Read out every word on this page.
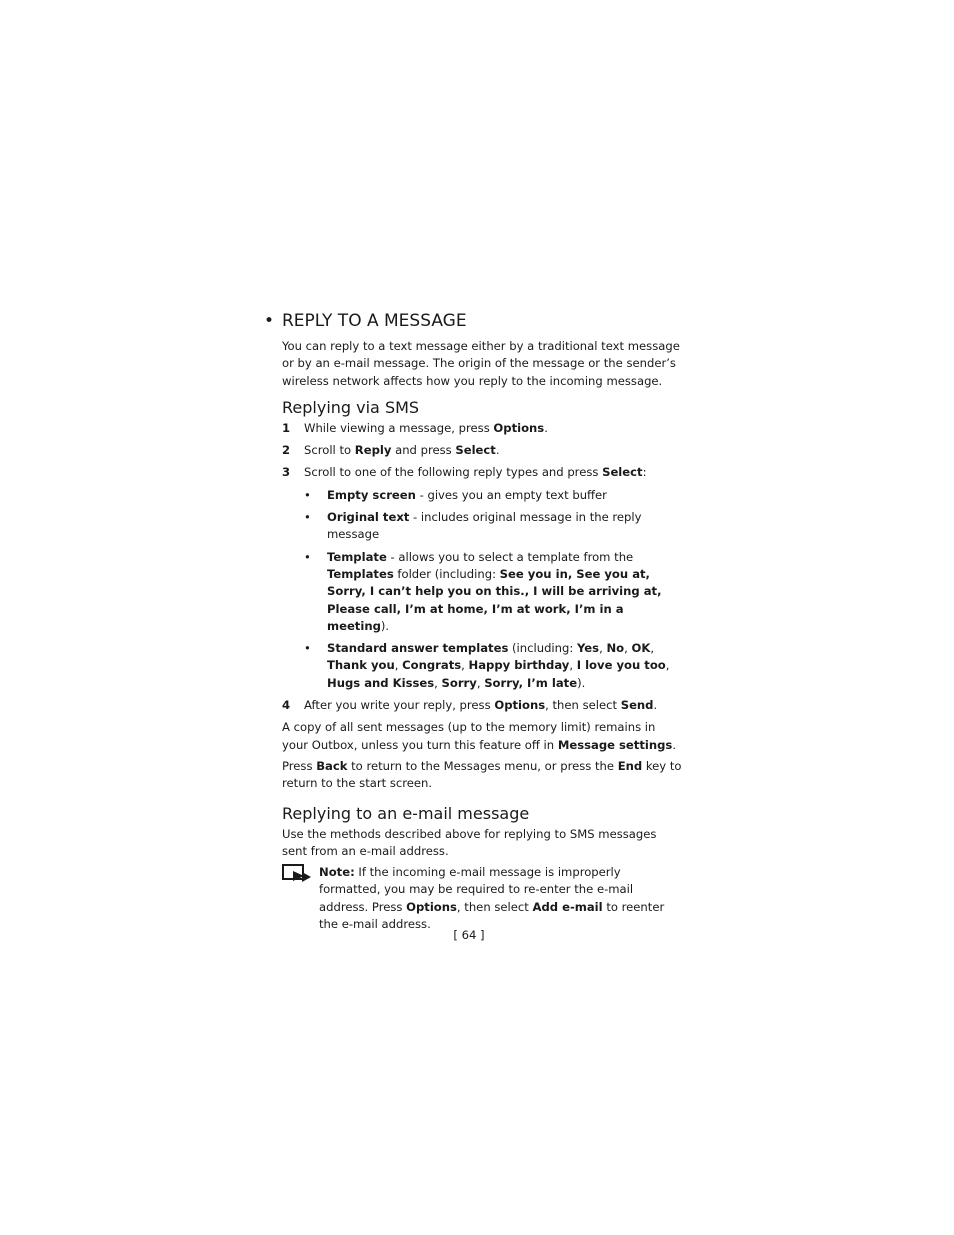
• REPLY TO A MESSAGE

You can reply to a text message either by a traditional text message or by an e-mail message. The origin of the message or the sender’s wireless network affects how you reply to the incoming message.

Replying via SMS
1 While viewing a message, press Options.
2 Scroll to Reply and press Select.
3 Scroll to one of the following reply types and press Select:
• Empty screen - gives you an empty text buffer
• Original text - includes original message in the reply message
• Template - allows you to select a template from the Templates folder (including: See you in, See you at, Sorry, I can’t help you on this., I will be arriving at, Please call, I’m at home, I’m at work, I’m in a meeting).
• Standard answer templates (including: Yes, No, OK, Thank you, Congrats, Happy birthday, I love you too, Hugs and Kisses, Sorry, Sorry, I’m late).
4 After you write your reply, press Options, then select Send.

A copy of all sent messages (up to the memory limit) remains in your Outbox, unless you turn this feature off in Message settings.

Press Back to return to the Messages menu, or press the End key to return to the start screen.

Replying to an e-mail message

Use the methods described above for replying to SMS messages sent from an e-mail address.

Note: If the incoming e-mail message is improperly formatted, you may be required to re-enter the e-mail address. Press Options, then select Add e-mail to reenter the e-mail address.
[ 64 ]
